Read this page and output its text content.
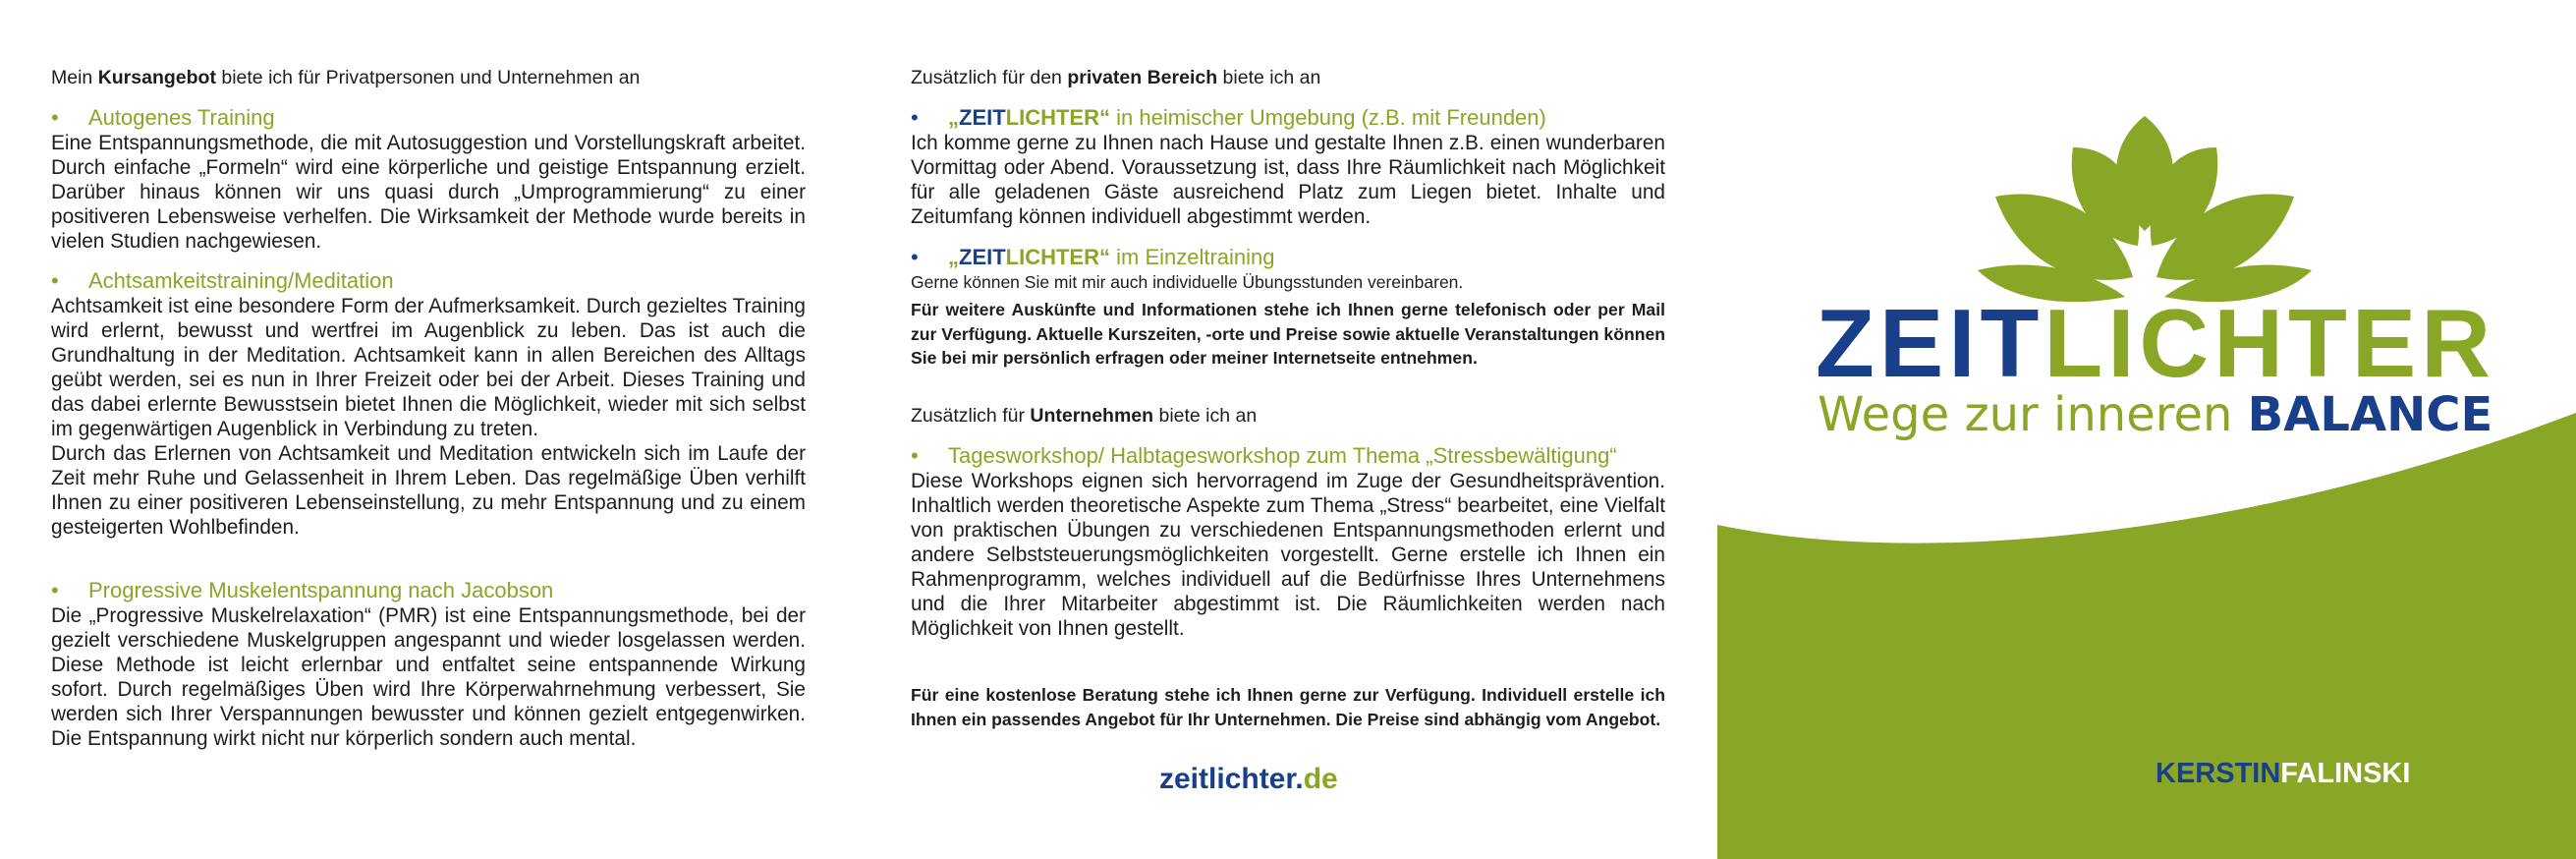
Mein Kursangebot biete ich für Privatpersonen und Unternehmen an
•	Autogenes Training
Eine Entspannungsmethode, die mit Autosuggestion und Vorstellungskraft arbeitet. Durch einfache „Formeln“ wird eine körperliche und geistige Entspannung erzielt. Darüber hinaus können wir uns quasi durch „Umprogrammierung“ zu einer positiveren Lebensweise verhelfen. Die Wirksamkeit der Methode wurde bereits in vielen Studien nachgewiesen.
•	Achtsamkeitstraining/Meditation
Achtsamkeit ist eine besondere Form der Aufmerksamkeit. Durch gezieltes Training wird erlernt, bewusst und wertfrei im Augenblick zu leben. Das ist auch die Grundhaltung in der Meditation. Achtsamkeit kann in allen Bereichen des Alltags geübt werden, sei es nun in Ihrer Freizeit oder bei der Arbeit. Dieses Training und das dabei erlernte Bewusstsein bietet Ihnen die Möglichkeit, wieder mit sich selbst im gegenwärtigen Augenblick in Verbindung zu treten.
Durch das Erlernen von Achtsamkeit und Meditation entwickeln sich im Laufe der Zeit mehr Ruhe und Gelassenheit in Ihrem Leben. Das regelmäßige Üben verhilft Ihnen zu einer positiveren Lebenseinstellung, zu mehr Entspannung und zu einem gesteigerten Wohlbefinden.
•	Progressive Muskelentspannung nach Jacobson
Die „Progressive Muskelrelaxation“ (PMR) ist eine Entspannungsmethode, bei der gezielt verschiedene Muskelgruppen angespannt und wieder losgelassen werden. Diese Methode ist leicht erlernbar und entfaltet seine entspannende Wirkung sofort. Durch regelmäßiges Üben wird Ihre Körperwahrnehmung verbessert, Sie werden sich Ihrer Verspannungen bewusster und können gezielt entgegenwirken. Die Entspannung wirkt nicht nur körperlich sondern auch mental.
Zusätzlich für den privaten Bereich biete ich an
•	„ ZEIT LICHTER “ in heimischer Umgebung (z.B. mit Freunden)
Ich komme gerne zu Ihnen nach Hause und gestalte Ihnen z.B. einen wunderbaren Vormittag oder Abend. Voraussetzung ist, dass Ihre Räumlichkeit nach Möglichkeit für alle geladenen Gäste ausreichend Platz zum Liegen bietet. Inhalte und Zeitumfang können individuell abgestimmt werden.
•	„ ZEIT LICHTER “ im Einzeltraining
Gerne können Sie mit mir auch individuelle Übungsstunden vereinbaren.
Für weitere Auskünfte und Informationen stehe ich Ihnen gerne telefonisch oder per Mail zur Verfügung. Aktuelle Kurszeiten, -orte und Preise sowie aktuelle Veranstaltungen können Sie bei mir persönlich erfragen oder meiner Internetseite entnehmen.
Zusätzlich für Unternehmen biete ich an
•	Tagesworkshop/ Halbtagesworkshop zum Thema „Stressbewältigung“
Diese Workshops eignen sich hervorragend im Zuge der Gesundheitsprävention. Inhaltlich werden theoretische Aspekte zum Thema „Stress“ bearbeitet, eine Vielfalt von praktischen Übungen zu verschiedenen Entspannungsmethoden erlernt und andere Selbststeuerungsmöglichkeiten vorgestellt. Gerne erstelle ich Ihnen ein Rahmenprogramm, welches individuell auf die Bedürfnisse Ihres Unternehmens und die Ihrer Mitarbeiter abgestimmt ist. Die Räumlichkeiten werden nach Möglichkeit von Ihnen gestellt.
Für eine kostenlose Beratung stehe ich Ihnen gerne zur Verfügung. Individuell erstelle ich Ihnen ein passendes Angebot für Ihr Unternehmen. Die Preise sind abhängig vom Angebot.
zeitlichter.de
ZEITLICHTER
Wege zur inneren BALANCE
KERSTINFALINSKI
